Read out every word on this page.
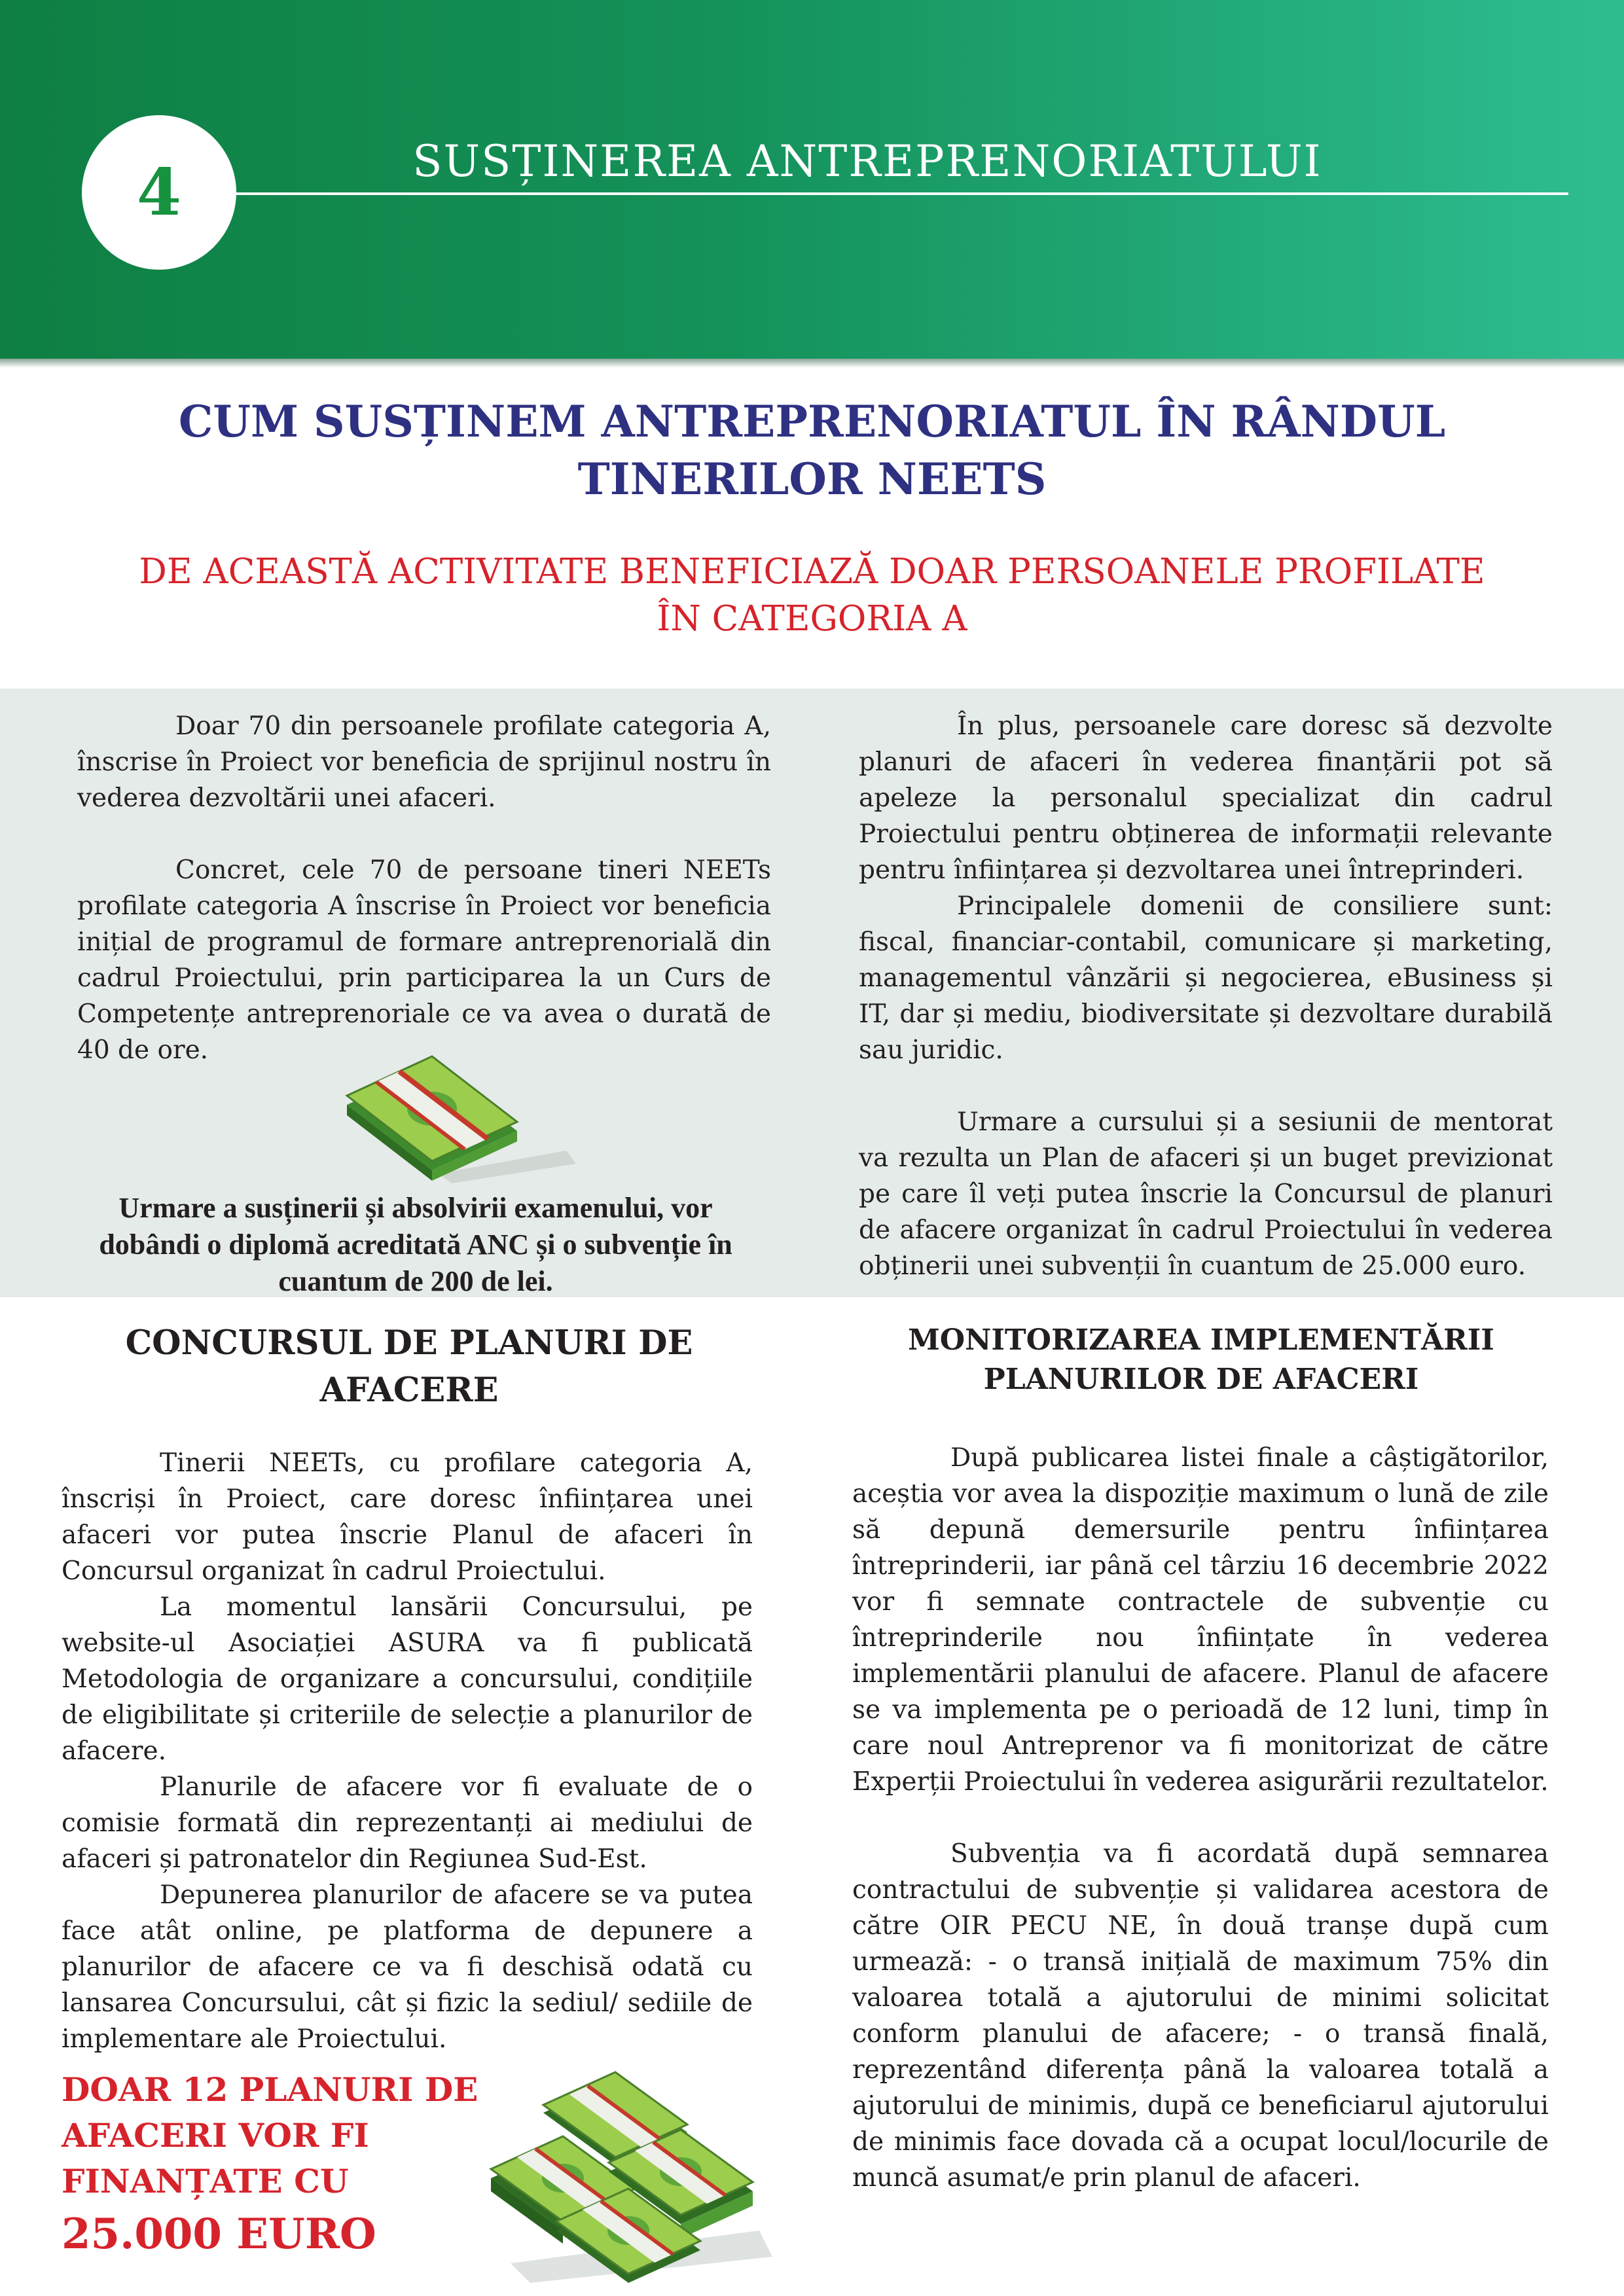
4	SUSȚINEREA ANTREPRENORIATULUI
CUM SUSȚINEM ANTREPRENORIATUL ÎN RÂNDUL TINERILOR NEETS
DE ACEASTĂ ACTIVITATE BENEFICIAZĂ DOAR PERSOANELE PROFILATE ÎN CATEGORIA A

Doar 70 din persoanele profilate categoria A, înscrise în Proiect vor beneficia de sprijinul nostru în vederea dezvoltării unei afaceri.

Concret, cele 70 de persoane tineri NEETs profilate categoria A înscrise în Proiect vor beneficia inițial de programul de formare antreprenorială din cadrul Proiectului, prin participarea la un Curs de Competențe antreprenoriale ce va avea o durată de 40 de ore.

Urmare a susținerii și absolvirii examenului, vor dobândi o diplomă acreditată ANC și o subvenție în cuantum de 200 de lei.

În plus, persoanele care doresc să dezvolte planuri de afaceri în vederea finanțării pot să apeleze la personalul specializat din cadrul Proiectului pentru obținerea de informații relevante pentru înființarea și dezvoltarea unei întreprinderi.

Principalele domenii de consiliere sunt: fiscal, financiar-contabil, comunicare și marketing, managementul vânzării și negocierea, eBusiness și IT, dar și mediu, biodiversitate și dezvoltare durabilă sau juridic.

Urmare a cursului și a sesiunii de mentorat va rezulta un Plan de afaceri și un buget previzionat pe care îl veți putea înscrie la Concursul de planuri de afacere organizat în cadrul Proiectului în vederea obținerii unei subvenții în cuantum de 25.000 euro.

CONCURSUL DE PLANURI DE
AFACERE

Tinerii NEETs, cu profilare categoria A, înscriși în Proiect, care doresc înființarea unei afaceri vor putea înscrie Planul de afaceri în Concursul organizat în cadrul Proiectului.

La momentul lansării Concursului, pe website-ul Asociației ASURA va fi publicată Metodologia de organizare a concursului, condițiile de eligibilitate și criteriile de selecție a planurilor de afacere.

Planurile de afacere vor fi evaluate de o comisie formată din reprezentanți ai mediului de afaceri și patronatelor din Regiunea Sud-Est.

Depunerea planurilor de afacere se va putea face atât online, pe platforma de depunere a planurilor de afacere ce va fi deschisă odată cu lansarea Concursului, cât și fizic la sediul/ sediile de implementare ale Proiectului.

DOAR 12 PLANURI DE
AFACERI VOR FI
FINANȚATE CU
25.000 EURO
MONITORIZAREA IMPLEMENTĂRII
PLANURILOR DE AFACERI

După publicarea listei finale a câștigătorilor, aceștia vor avea la dispoziție maximum o lună de zile să depună demersurile pentru înființarea întreprinderii, iar până cel târziu 16 decembrie 2022 vor fi semnate contractele de subvenție cu întreprinderile nou înființate în vederea implementării planului de afacere. Planul de afacere se va implementa pe o perioadă de 12 luni, timp în care noul Antreprenor va fi monitorizat de către Experții Proiectului în vederea asigurării rezultatelor.

Subvenția va fi acordată după semnarea contractului de subvenție și validarea acestora de către OIR PECU NE, în două tranșe după cum urmează: - o transă inițială de maximum 75% din valoarea totală a ajutorului de minimi solicitat conform planului de afacere; - o transă finală, reprezentând diferența până la valoarea totală a ajutorului de minimis, după ce beneficiarul ajutorului de minimis face dovada că a ocupat locul/locurile de muncă asumat/e prin planul de afaceri.
